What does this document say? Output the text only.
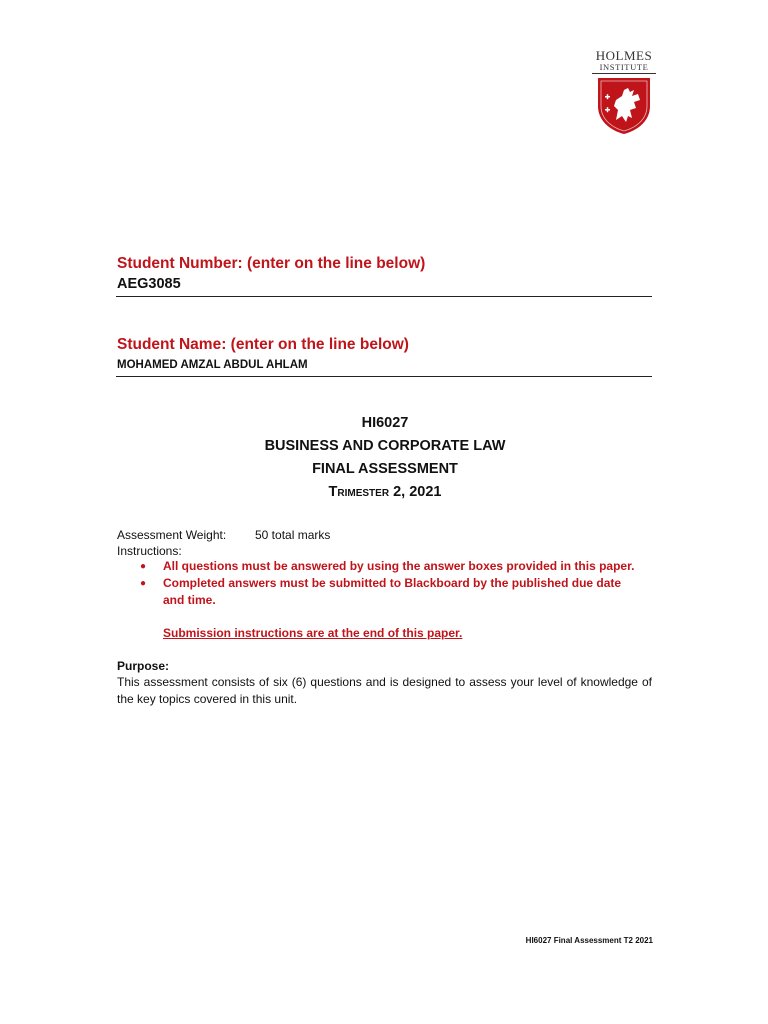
HOLMES
INSTITUTE
Student Number: (enter on the line below)
AEG3085
Student Name: (enter on the line below)
MOHAMED AMZAL ABDUL AHLAM
HI6027
BUSINESS AND CORPORATE LAW
FINAL ASSESSMENT
Trimester 2, 2021
Assessment Weight: 50 total marks
Instructions:
● All questions must be answered by using the answer boxes provided in this paper.
● Completed answers must be submitted to Blackboard by the published due date
and time.
Submission instructions are at the end of this paper.
Purpose:
This assessment consists of six (6) questions and is designed to assess your level of knowledge of the key topics covered in this unit.
HI6027 Final Assessment T2 2021
